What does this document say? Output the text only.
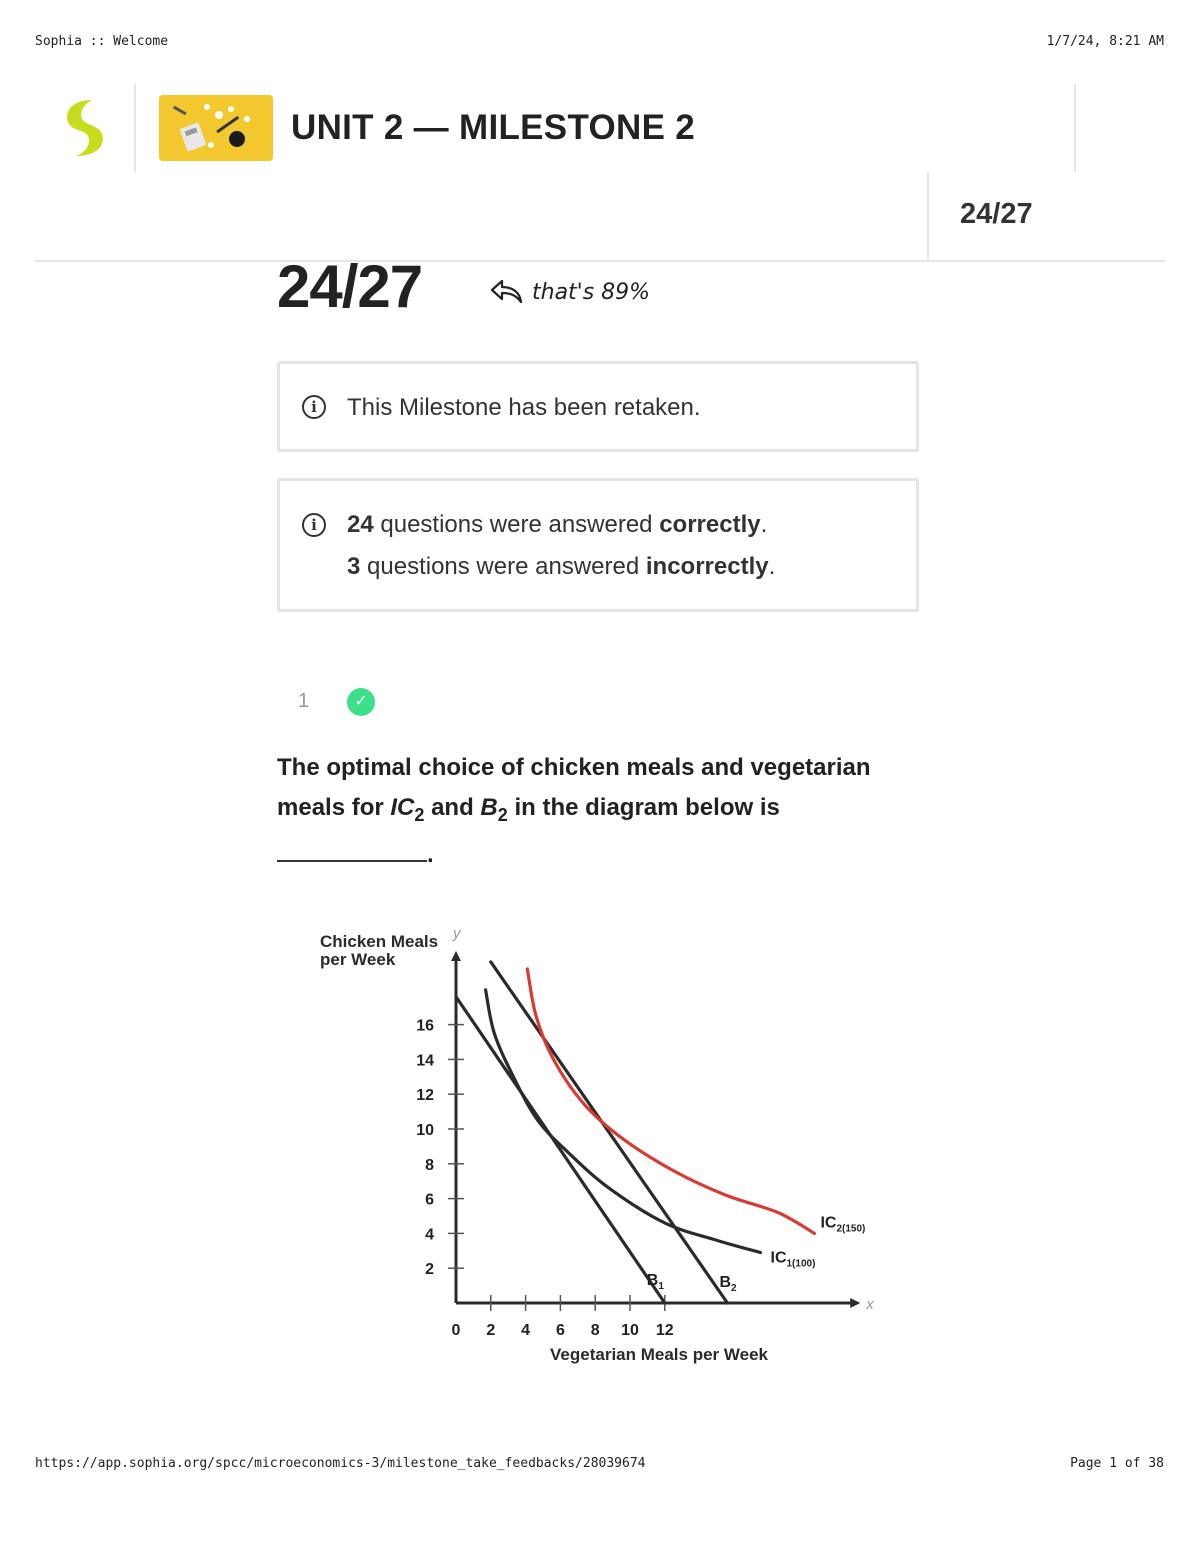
Sophia :: Welcome	1/7/24, 8:21 AM
UNIT 2 — MILESTONE 2
24/27
24/27	that's 89%
i	This Milestone has been retaken.
i	24 questions were answered correctly.
3 questions were answered incorrectly.
1	✓
The optimal choice of chicken meals and vegetarian meals for $IC_2$ and $B_2$ in the diagram below is
.
0 2 4 6 8 10 12
2
4
6
8
10
12
14
16
Chicken Meals
per Week
Vegetarian Meals per Week
y
x
$B_1$	$B_2$
$IC_{1(100)}$
$IC_{2(150)}$
https://app.sophia.org/spcc/microeconomics-3/milestone_take_feedbacks/28039674	Page 1 of 38
